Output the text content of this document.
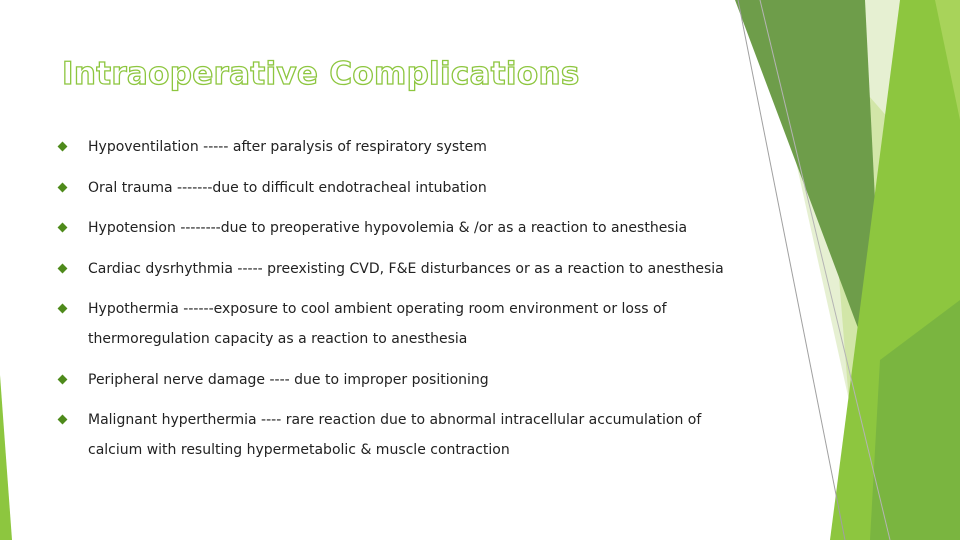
Intraoperative Complications
Hypoventilation ----- after paralysis of respiratory system
Oral trauma -------due to difficult endotracheal intubation
Hypotension --------due to preoperative hypovolemia & /or as a reaction to anesthesia
Cardiac dysrhythmia ----- preexisting CVD, F&E disturbances or as a reaction to anesthesia
Hypothermia ------exposure to cool ambient operating room environment or loss of thermoregulation capacity as a reaction to anesthesia
Peripheral nerve damage ---- due to improper positioning
Malignant hyperthermia ---- rare reaction due to abnormal intracellular accumulation of calcium with resulting hypermetabolic & muscle contraction
